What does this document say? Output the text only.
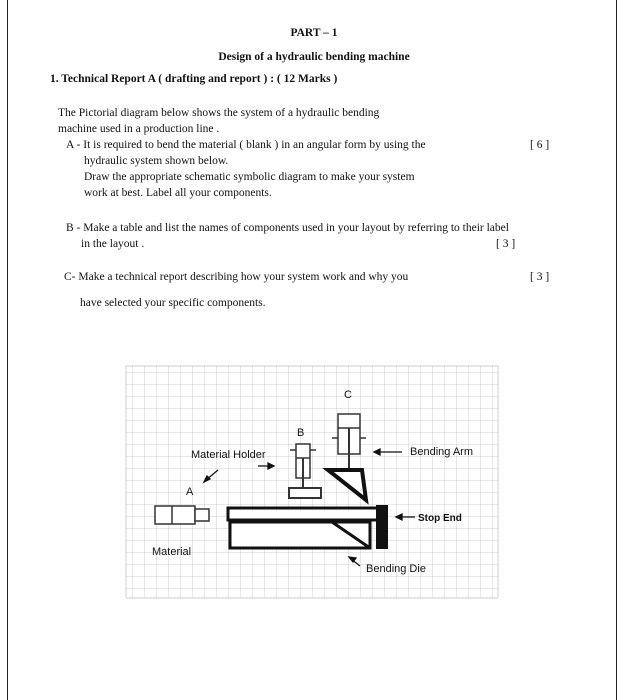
PART – 1
Design of a hydraulic bending machine
1. Technical Report A ( drafting and report ) : ( 12 Marks )
The Pictorial diagram below shows the system of a hydraulic bending
machine used in a production line .
A - It is required to bend the material ( blank ) in an angular form by using the	[ 6 ]
hydraulic system shown below.
Draw the appropriate schematic symbolic diagram to make your system
work at best. Label all your components.
B - Make a table and list the names of components used in your layout by referring to their label
in the layout .	[ 3 ]
C- Make a technical report describing how your system work and why you	[ 3 ]
have selected your specific components.
C
B
Material Holder	Bending Arm
A
Stop End
Material
Bending Die
